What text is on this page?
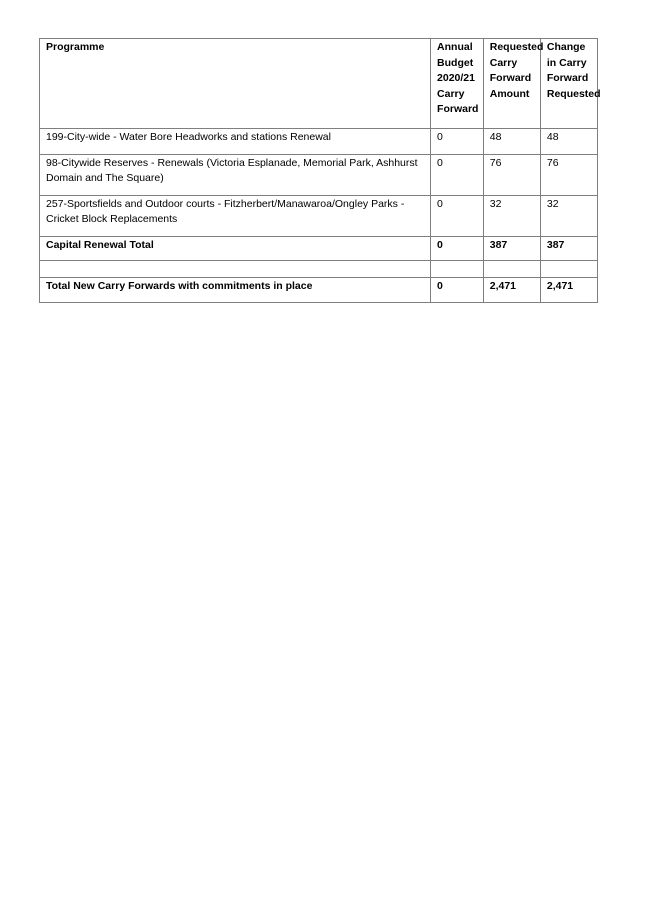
Programme	Annual Budget 2020/21 Carry Forward	Requested Carry Forward Amount	Change in Carry Forward Requested
199-City-wide - Water Bore Headworks and stations Renewal	0	48	48
98-Citywide Reserves - Renewals (Victoria Esplanade, Memorial Park, Ashhurst Domain and The Square)	0	76	76
257-Sportsfields and Outdoor courts - Fitzherbert/Manawaroa/Ongley Parks - Cricket Block Replacements	0	32	32
Capital Renewal Total	0	387	387

Total New Carry Forwards with commitments in place	0	2,471	2,471
